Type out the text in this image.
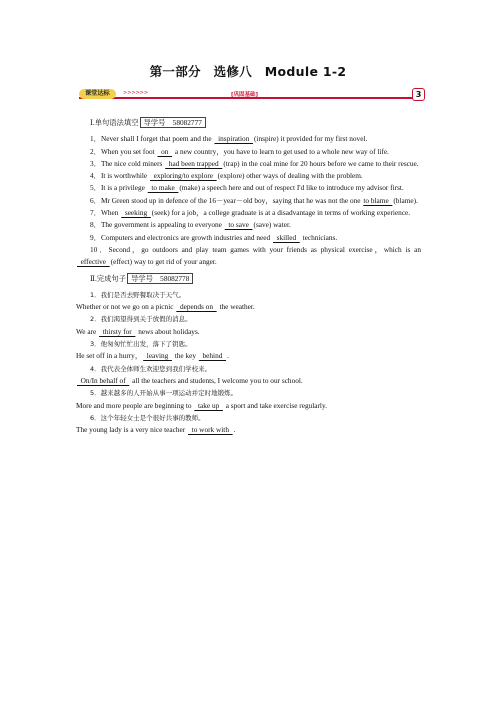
第一部分　选修八　Module 1-2
课堂达标	>>>>>>	[巩固基础]	3
Ⅰ.单句语法填空 导学号　58082777
1．Never shall I forget that poem and the   inspiration  (inspire) it provided for my first novel.
2．When you set foot   on   a new country，you have to learn to get used to a whole new way of life.
3．The nice cold miners   had been trapped  (trap) in the coal mine for 20 hours before we came to their rescue.
4．It is worthwhile   exploring/to explore  (explore) other ways of dealing with the problem.
5．It is a privilege   to make  (make) a speech here and out of respect I'd like to introduce my advisor first.
6．Mr Green stood up in defence of the 16－year－old boy，saying that he was not the one to blame  (blame).
7．When   seeking  (seek) for a job，a college graduate is at a disadvantage in terms of working experience.
8．The government is appealing to everyone   to save  (save) water.
9．Computers and electronics are growth industries and need   skilled   technicians.
10．Second，go outdoors and play team games with your friends as physical exercise，which is an   effective  (effect) way to get rid of your anger.
Ⅱ.完成句子 导学号　58082778
1．我们是否去野餐取决于天气。
Whether or not we go on a picnic   depends on   the weather.
2．我们渴望得到关于放假的消息。
We are   thirsty for   news about holidays.
3．他匆匆忙忙出发，落下了钥匙。
He set off in a hurry，  leaving   the key   behind  .
4．我代表全体师生欢迎您到我们学校来。
On/In behalf of   all the teachers and students, I welcome you to our school.
5．越来越多的人开始从事一项运动并定时地锻炼。
More and more people are beginning to   take up   a sport and take exercise regularly.
6．这个年轻女士是个很好共事的教师。
The young lady is a very nice teacher   to work with  .
